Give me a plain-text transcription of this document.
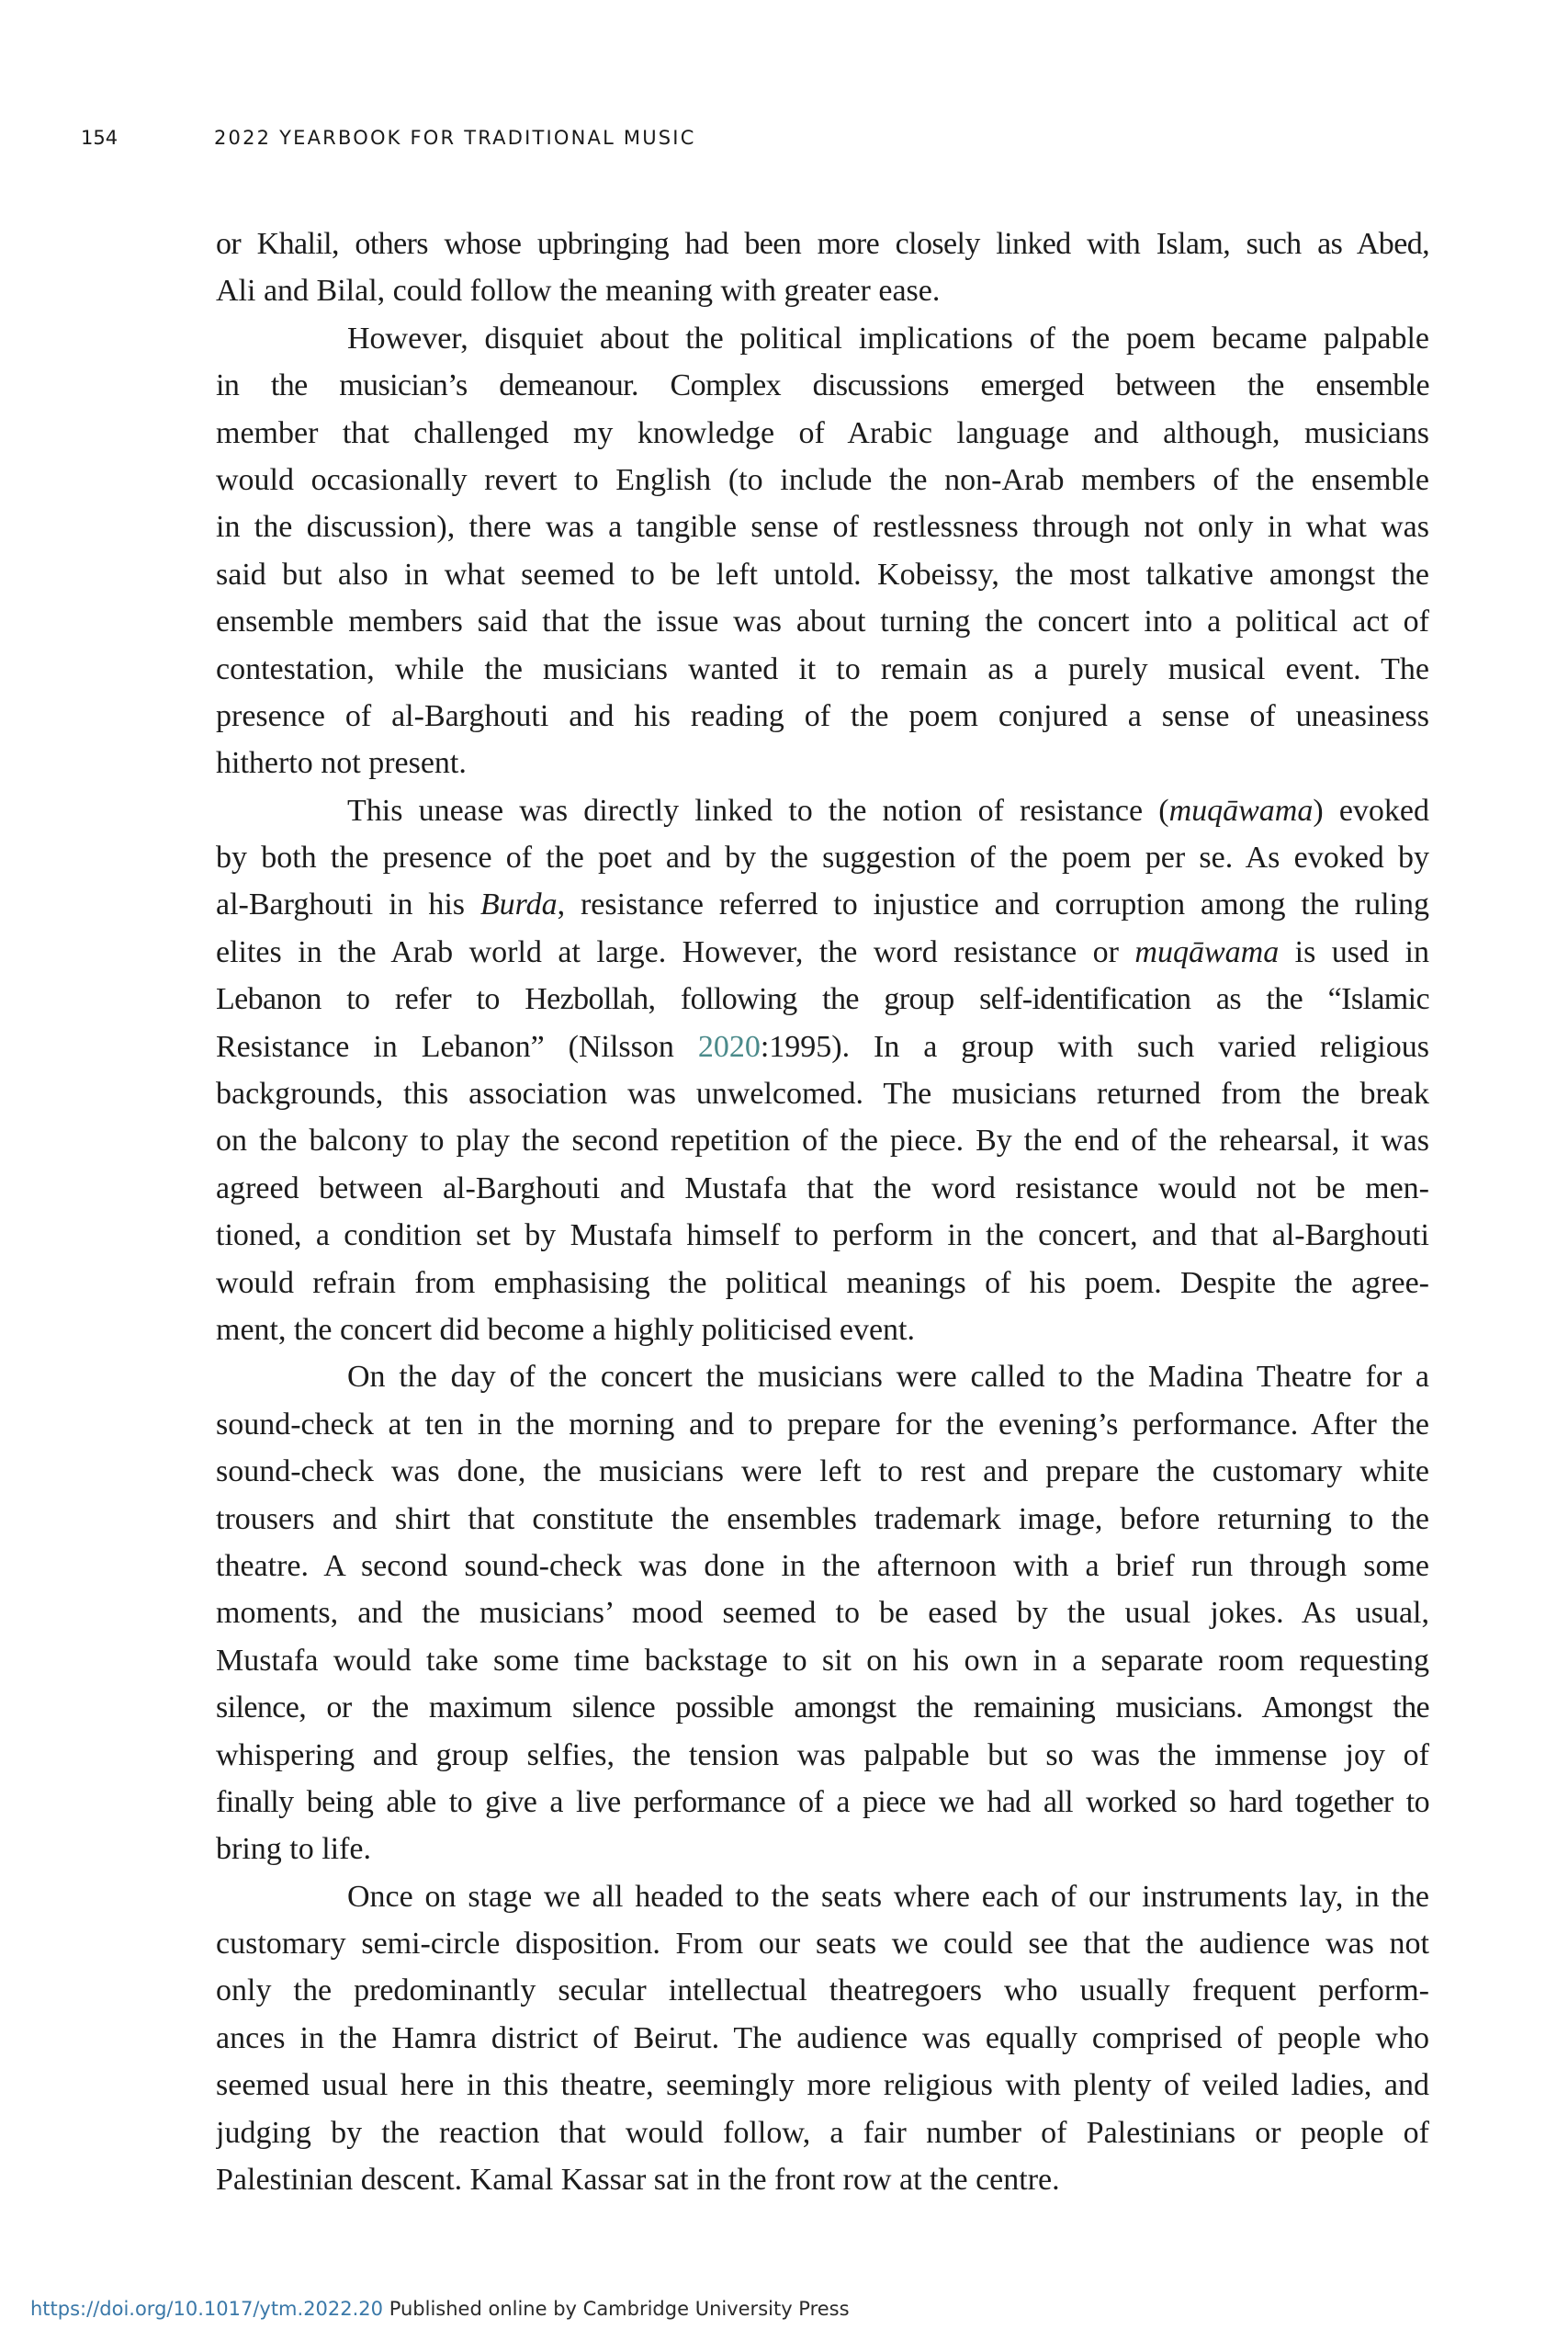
154	2022 YEARBOOK FOR TRADITIONAL MUSIC
or Khalil, others whose upbringing had been more closely linked with Islam, such as Abed,
Ali and Bilal, could follow the meaning with greater ease.
However, disquiet about the political implications of the poem became palpable
in the musician’s demeanour. Complex discussions emerged between the ensemble
member that challenged my knowledge of Arabic language and although, musicians
would occasionally revert to English (to include the non-Arab members of the ensemble
in the discussion), there was a tangible sense of restlessness through not only in what was
said but also in what seemed to be left untold. Kobeissy, the most talkative amongst the
ensemble members said that the issue was about turning the concert into a political act of
contestation, while the musicians wanted it to remain as a purely musical event. The
presence of al-Barghouti and his reading of the poem conjured a sense of uneasiness
hitherto not present.
This unease was directly linked to the notion of resistance (muqāwama) evoked
by both the presence of the poet and by the suggestion of the poem per se. As evoked by
al-Barghouti in his Burda, resistance referred to injustice and corruption among the ruling
elites in the Arab world at large. However, the word resistance or muqāwama is used in
Lebanon to refer to Hezbollah, following the group self-identification as the “Islamic
Resistance in Lebanon” (Nilsson 2020:1995). In a group with such varied religious
backgrounds, this association was unwelcomed. The musicians returned from the break
on the balcony to play the second repetition of the piece. By the end of the rehearsal, it was
agreed between al-Barghouti and Mustafa that the word resistance would not be men-
tioned, a condition set by Mustafa himself to perform in the concert, and that al-Barghouti
would refrain from emphasising the political meanings of his poem. Despite the agree-
ment, the concert did become a highly politicised event.
On the day of the concert the musicians were called to the Madina Theatre for a
sound-check at ten in the morning and to prepare for the evening’s performance. After the
sound-check was done, the musicians were left to rest and prepare the customary white
trousers and shirt that constitute the ensembles trademark image, before returning to the
theatre. A second sound-check was done in the afternoon with a brief run through some
moments, and the musicians’ mood seemed to be eased by the usual jokes. As usual,
Mustafa would take some time backstage to sit on his own in a separate room requesting
silence, or the maximum silence possible amongst the remaining musicians. Amongst the
whispering and group selfies, the tension was palpable but so was the immense joy of
finally being able to give a live performance of a piece we had all worked so hard together to
bring to life.
Once on stage we all headed to the seats where each of our instruments lay, in the
customary semi-circle disposition. From our seats we could see that the audience was not
only the predominantly secular intellectual theatregoers who usually frequent perform-
ances in the Hamra district of Beirut. The audience was equally comprised of people who
seemed usual here in this theatre, seemingly more religious with plenty of veiled ladies, and
judging by the reaction that would follow, a fair number of Palestinians or people of
Palestinian descent. Kamal Kassar sat in the front row at the centre.
https://doi.org/10.1017/ytm.2022.20 Published online by Cambridge University Press
